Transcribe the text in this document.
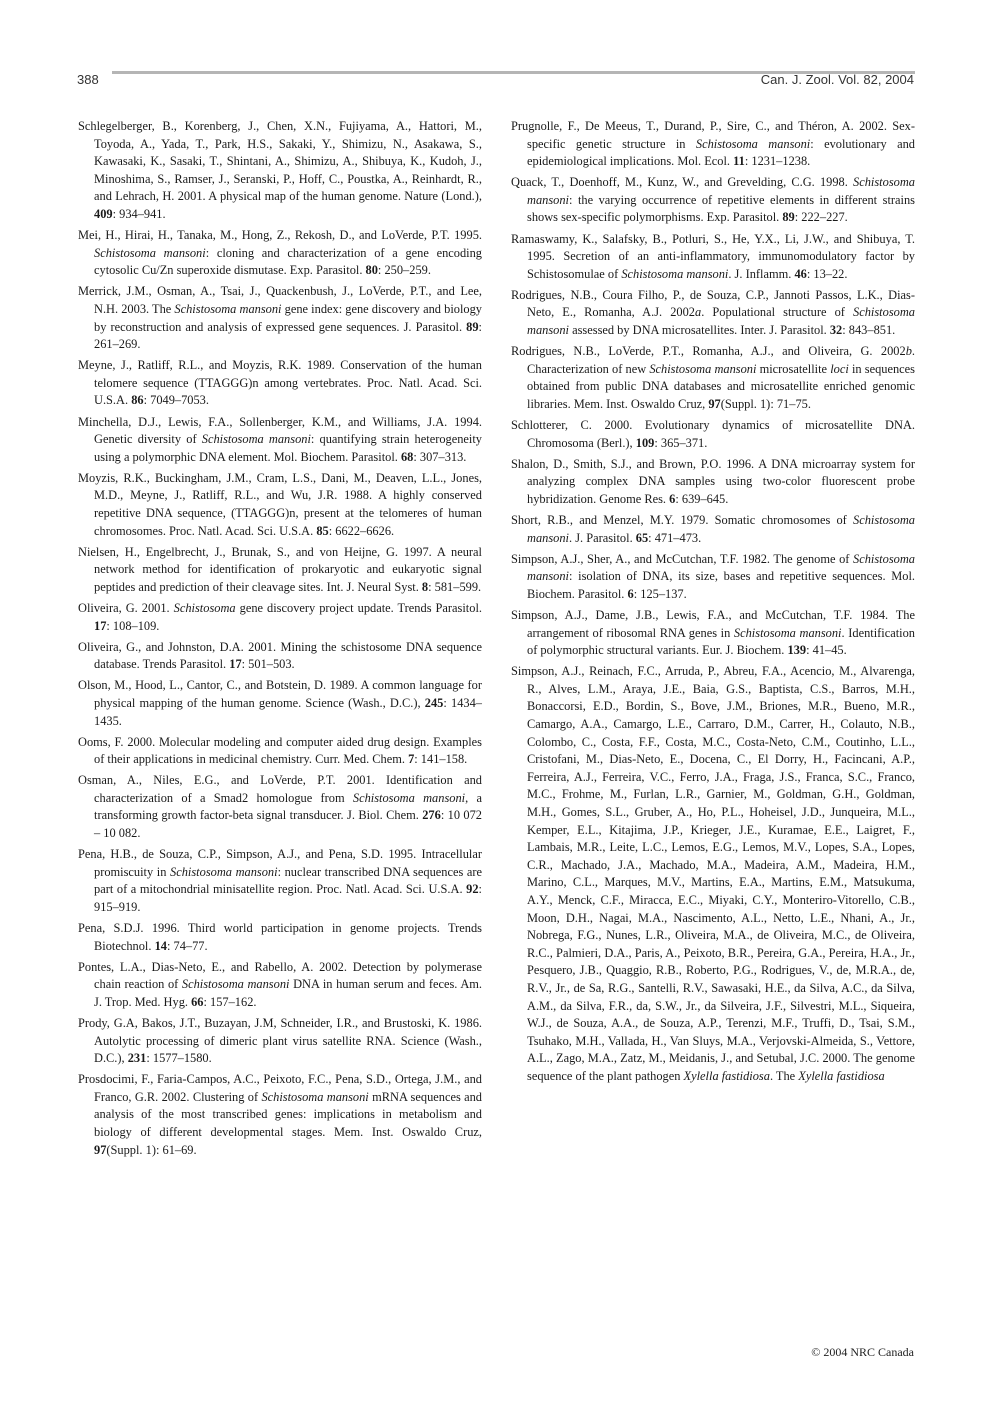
388	Can. J. Zool. Vol. 82, 2004

Schlegelberger, B., Korenberg, J., Chen, X.N., Fujiyama, A., Hattori, M., Toyoda, A., Yada, T., Park, H.S., Sakaki, Y., Shimizu, N., Asakawa, S., Kawasaki, K., Sasaki, T., Shintani, A., Shimizu, A., Shibuya, K., Kudoh, J., Minoshima, S., Ramser, J., Seranski, P., Hoff, C., Poustka, A., Reinhardt, R., and Lehrach, H. 2001. A physical map of the human genome. Nature (Lond.), 409: 934–941.

Mei, H., Hirai, H., Tanaka, M., Hong, Z., Rekosh, D., and LoVerde, P.T. 1995. Schistosoma mansoni: cloning and characterization of a gene encoding cytosolic Cu/Zn superoxide dismutase. Exp. Parasitol. 80: 250–259.

Merrick, J.M., Osman, A., Tsai, J., Quackenbush, J., LoVerde, P.T., and Lee, N.H. 2003. The Schistosoma mansoni gene index: gene discovery and biology by reconstruction and analysis of expressed gene sequences. J. Parasitol. 89: 261–269.

Meyne, J., Ratliff, R.L., and Moyzis, R.K. 1989. Conservation of the human telomere sequence (TTAGGG)n among vertebrates. Proc. Natl. Acad. Sci. U.S.A. 86: 7049–7053.

Minchella, D.J., Lewis, F.A., Sollenberger, K.M., and Williams, J.A. 1994. Genetic diversity of Schistosoma mansoni: quantifying strain heterogeneity using a polymorphic DNA element. Mol. Biochem. Parasitol. 68: 307–313.

Moyzis, R.K., Buckingham, J.M., Cram, L.S., Dani, M., Deaven, L.L., Jones, M.D., Meyne, J., Ratliff, R.L., and Wu, J.R. 1988. A highly conserved repetitive DNA sequence, (TTAGGG)n, present at the telomeres of human chromosomes. Proc. Natl. Acad. Sci. U.S.A. 85: 6622–6626.

Nielsen, H., Engelbrecht, J., Brunak, S., and von Heijne, G. 1997. A neural network method for identification of prokaryotic and eukaryotic signal peptides and prediction of their cleavage sites. Int. J. Neural Syst. 8: 581–599.

Oliveira, G. 2001. Schistosoma gene discovery project update. Trends Parasitol. 17: 108–109.

Oliveira, G., and Johnston, D.A. 2001. Mining the schistosome DNA sequence database. Trends Parasitol. 17: 501–503.

Olson, M., Hood, L., Cantor, C., and Botstein, D. 1989. A common language for physical mapping of the human genome. Science (Wash., D.C.), 245: 1434–1435.

Ooms, F. 2000. Molecular modeling and computer aided drug design. Examples of their applications in medicinal chemistry. Curr. Med. Chem. 7: 141–158.

Osman, A., Niles, E.G., and LoVerde, P.T. 2001. Identification and characterization of a Smad2 homologue from Schistosoma mansoni, a transforming growth factor-beta signal transducer. J. Biol. Chem. 276: 10 072 – 10 082.

Pena, H.B., de Souza, C.P., Simpson, A.J., and Pena, S.D. 1995. Intracellular promiscuity in Schistosoma mansoni: nuclear transcribed DNA sequences are part of a mitochondrial minisatellite region. Proc. Natl. Acad. Sci. U.S.A. 92: 915–919.

Pena, S.D.J. 1996. Third world participation in genome projects. Trends Biotechnol. 14: 74–77.

Pontes, L.A., Dias-Neto, E., and Rabello, A. 2002. Detection by polymerase chain reaction of Schistosoma mansoni DNA in human serum and feces. Am. J. Trop. Med. Hyg. 66: 157–162.

Prody, G.A, Bakos, J.T., Buzayan, J.M, Schneider, I.R., and Brustoski, K. 1986. Autolytic processing of dimeric plant virus satellite RNA. Science (Wash., D.C.), 231: 1577–1580.

Prosdocimi, F., Faria-Campos, A.C., Peixoto, F.C., Pena, S.D., Ortega, J.M., and Franco, G.R. 2002. Clustering of Schistosoma mansoni mRNA sequences and analysis of the most transcribed genes: implications in metabolism and biology of different developmental stages. Mem. Inst. Oswaldo Cruz, 97(Suppl. 1): 61–69.

Prugnolle, F., De Meeus, T., Durand, P., Sire, C., and Théron, A. 2002. Sex-specific genetic structure in Schistosoma mansoni: evolutionary and epidemiological implications. Mol. Ecol. 11: 1231–1238.

Quack, T., Doenhoff, M., Kunz, W., and Grevelding, C.G. 1998. Schistosoma mansoni: the varying occurrence of repetitive elements in different strains shows sex-specific polymorphisms. Exp. Parasitol. 89: 222–227.

Ramaswamy, K., Salafsky, B., Potluri, S., He, Y.X., Li, J.W., and Shibuya, T. 1995. Secretion of an anti-inflammatory, immunomodulatory factor by Schistosomulae of Schistosoma mansoni. J. Inflamm. 46: 13–22.

Rodrigues, N.B., Coura Filho, P., de Souza, C.P., Jannoti Passos, L.K., Dias-Neto, E., Romanha, A.J. 2002a. Populational structure of Schistosoma mansoni assessed by DNA microsatellites. Inter. J. Parasitol. 32: 843–851.

Rodrigues, N.B., LoVerde, P.T., Romanha, A.J., and Oliveira, G. 2002b. Characterization of new Schistosoma mansoni microsatellite loci in sequences obtained from public DNA databases and microsatellite enriched genomic libraries. Mem. Inst. Oswaldo Cruz, 97(Suppl. 1): 71–75.

Schlotterer, C. 2000. Evolutionary dynamics of microsatellite DNA. Chromosoma (Berl.), 109: 365–371.

Shalon, D., Smith, S.J., and Brown, P.O. 1996. A DNA microarray system for analyzing complex DNA samples using two-color fluorescent probe hybridization. Genome Res. 6: 639–645.

Short, R.B., and Menzel, M.Y. 1979. Somatic chromosomes of Schistosoma mansoni. J. Parasitol. 65: 471–473.

Simpson, A.J., Sher, A., and McCutchan, T.F. 1982. The genome of Schistosoma mansoni: isolation of DNA, its size, bases and repetitive sequences. Mol. Biochem. Parasitol. 6: 125–137.

Simpson, A.J., Dame, J.B., Lewis, F.A., and McCutchan, T.F. 1984. The arrangement of ribosomal RNA genes in Schistosoma mansoni. Identification of polymorphic structural variants. Eur. J. Biochem. 139: 41–45.

Simpson, A.J., Reinach, F.C., Arruda, P., Abreu, F.A., Acencio, M., Alvarenga, R., Alves, L.M., Araya, J.E., Baia, G.S., Baptista, C.S., Barros, M.H., Bonaccorsi, E.D., Bordin, S., Bove, J.M., Briones, M.R., Bueno, M.R., Camargo, A.A., Camargo, L.E., Carraro, D.M., Carrer, H., Colauto, N.B., Colombo, C., Costa, F.F., Costa, M.C., Costa-Neto, C.M., Coutinho, L.L., Cristofani, M., Dias-Neto, E., Docena, C., El Dorry, H., Facincani, A.P., Ferreira, A.J., Ferreira, V.C., Ferro, J.A., Fraga, J.S., Franca, S.C., Franco, M.C., Frohme, M., Furlan, L.R., Garnier, M., Goldman, G.H., Goldman, M.H., Gomes, S.L., Gruber, A., Ho, P.L., Hoheisel, J.D., Junqueira, M.L., Kemper, E.L., Kitajima, J.P., Krieger, J.E., Kuramae, E.E., Laigret, F., Lambais, M.R., Leite, L.C., Lemos, E.G., Lemos, M.V., Lopes, S.A., Lopes, C.R., Machado, J.A., Machado, M.A., Madeira, A.M., Madeira, H.M., Marino, C.L., Marques, M.V., Martins, E.A., Martins, E.M., Matsukuma, A.Y., Menck, C.F., Miracca, E.C., Miyaki, C.Y., Monteriro-Vitorello, C.B., Moon, D.H., Nagai, M.A., Nascimento, A.L., Netto, L.E., Nhani, A., Jr., Nobrega, F.G., Nunes, L.R., Oliveira, M.A., de Oliveira, M.C., de Oliveira, R.C., Palmieri, D.A., Paris, A., Peixoto, B.R., Pereira, G.A., Pereira, H.A., Jr., Pesquero, J.B., Quaggio, R.B., Roberto, P.G., Rodrigues, V., de, M.R.A., de, R.V., Jr., de Sa, R.G., Santelli, R.V., Sawasaki, H.E., da Silva, A.C., da Silva, A.M., da Silva, F.R., da, S.W., Jr., da Silveira, J.F., Silvestri, M.L., Siqueira, W.J., de Souza, A.A., de Souza, A.P., Terenzi, M.F., Truffi, D., Tsai, S.M., Tsuhako, M.H., Vallada, H., Van Sluys, M.A., Verjovski-Almeida, S., Vettore, A.L., Zago, M.A., Zatz, M., Meidanis, J., and Setubal, J.C. 2000. The genome sequence of the plant pathogen Xylella fastidiosa. The Xylella fastidiosa

© 2004 NRC Canada
